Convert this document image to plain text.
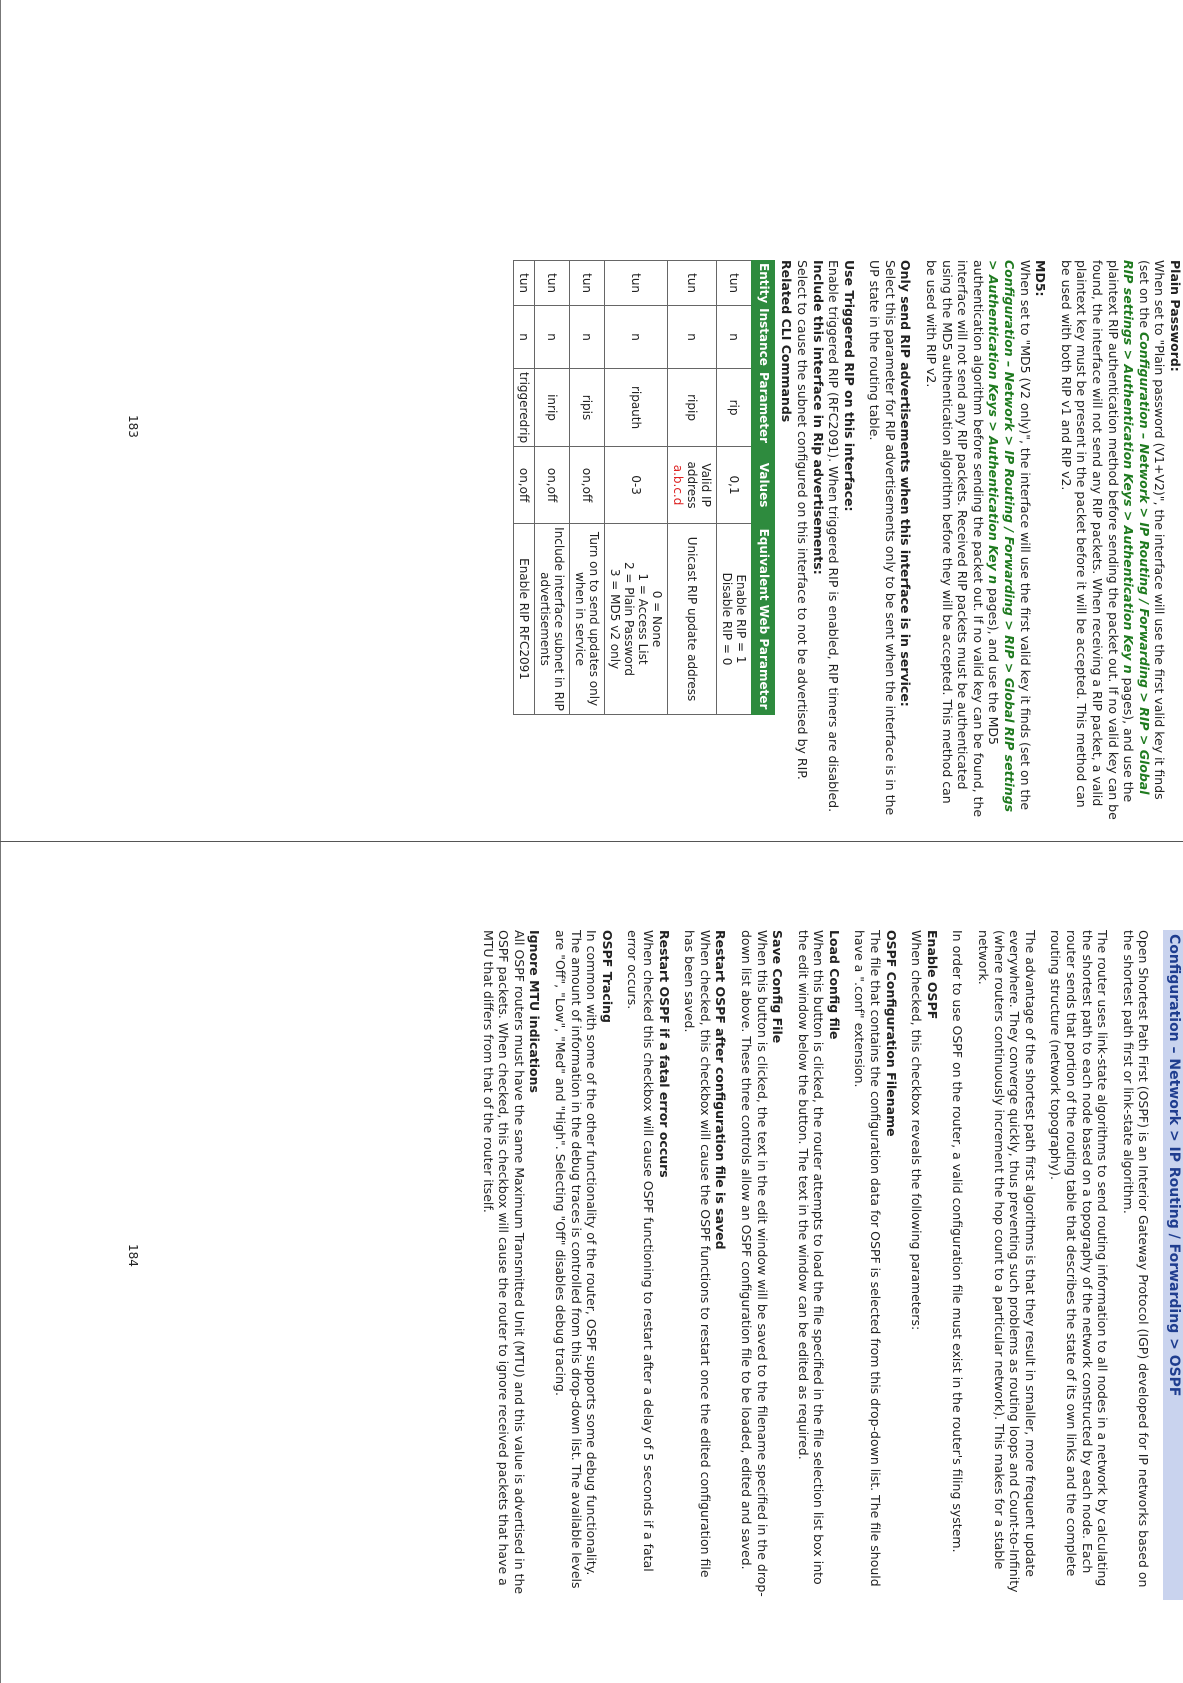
Plain Password:
When set to "Plain password (V1+V2)", the interface will use the first valid key it finds (set on the Configuration – Network > IP Routing / Forwarding > RIP > Global RIP settings > Authentication Keys > Authentication Key n pages), and use the plaintext RIP authentication method before sending the packet out. If no valid key can be found, the interface will not send any RIP packets. When receiving a RIP packet, a valid plaintext key must be present in the packet before it will be accepted. This method can be used with both RIP v1 and RIP v2.

MD5:
When set to "MD5 (V2 only)", the interface will use the first valid key it finds (set on the Configuration – Network > IP Routing / Forwarding > RIP > Global RIP settings > Authentication Keys > Authentication Key n pages), and use the MD5 authentication algorithm before sending the packet out. If no valid key can be found, the interface will not send any RIP packets. Received RIP packets must be authenticated using the MD5 authentication algorithm before they will be accepted. This method can be used with RIP v2.

Only send RIP advertisements when this interface is in service:
Select this parameter for RIP advertisements only to be sent when the interface is in the UP state in the routing table.

Use Triggered RIP on this interface:
Enable triggered RIP (RFC2091). When triggered RIP is enabled, RIP timers are disabled.

Include this interface in Rip advertisements:
Select to cause the subnet configured on this interface to not be advertised by RIP.

Related CLI Commands

Entity	Instance	Parameter	Values	Equivalent Web Parameter
tun	n	rip	0,1	Enable RIP = 1
Disable RIP = 0
tun	n	ripip	Valid IP address
a.b.c.d	Unicast RIP update address
tun	n	ripauth	0-3	0 = None
1 = Access List
2 = Plain Password
3 = MD5 v2 only
tun	n	ripis	on,off	Turn on to send updates only when in service
tun	n	inrip	on,off	Include interface subnet in RIP advertisements
tun	n	triggeredrip	on,off	Enable RIP RFC2091
183
Configuration – Network > IP Routing / Forwarding > OSPF

Open Shortest Path First (OSPF) is an Interior Gateway Protocol (IGP) developed for IP networks based on the shortest path first or link-state algorithm.

The router uses link-state algorithms to send routing information to all nodes in a network by calculating the shortest path to each node based on a topography of the network constructed by each node. Each router sends that portion of the routing table that describes the state of its own links and the complete routing structure (network topography).

The advantage of the shortest path first algorithms is that they result in smaller, more frequent update everywhere. They converge quickly, thus preventing such problems as routing loops and Count-to-Infinity (where routers continuously increment the hop count to a particular network). This makes for a stable network.

In order to use OSPF on the router, a valid configuration file must exist in the router's filing system.

Enable OSPF
When checked, this checkbox reveals the following parameters:

OSPF Configuration Filename
The file that contains the configuration data for OSPF is selected from this drop-down list. The file should have a ".conf" extension.

Load Config file
When this button is clicked, the router attempts to load the file specified in the file selection list box into the edit window below the button. The text in the window can be edited as required.

Save Config File
When this button is clicked, the text in the edit window will be saved to the filename specified in the drop-down list above. These three controls allow an OSPF configuration file to be loaded, edited and saved.

Restart OSPF after configuration file is saved
When checked, this checkbox will cause the OSPF functions to restart once the edited configuration file has been saved.

Restart OSPF if a fatal error occurs
When checked this checkbox will cause OSPF functioning to restart after a delay of 5 seconds if a fatal error occurs.

OSPF Tracing
In common with some of the other functionality of the router, OSPF supports some debug functionality. The amount of information in the debug traces is controlled from this drop-down list. The available levels are "Off", "Low", "Med" and "High". Selecting "Off" disables debug tracing.

Ignore MTU indications
All OSPF routers must have the same Maximum Transmitted Unit (MTU) and this value is advertised in the OSPF packets. When checked, this checkbox will cause the router to ignore received packets that have a MTU that differs from that of the router itself.

184
